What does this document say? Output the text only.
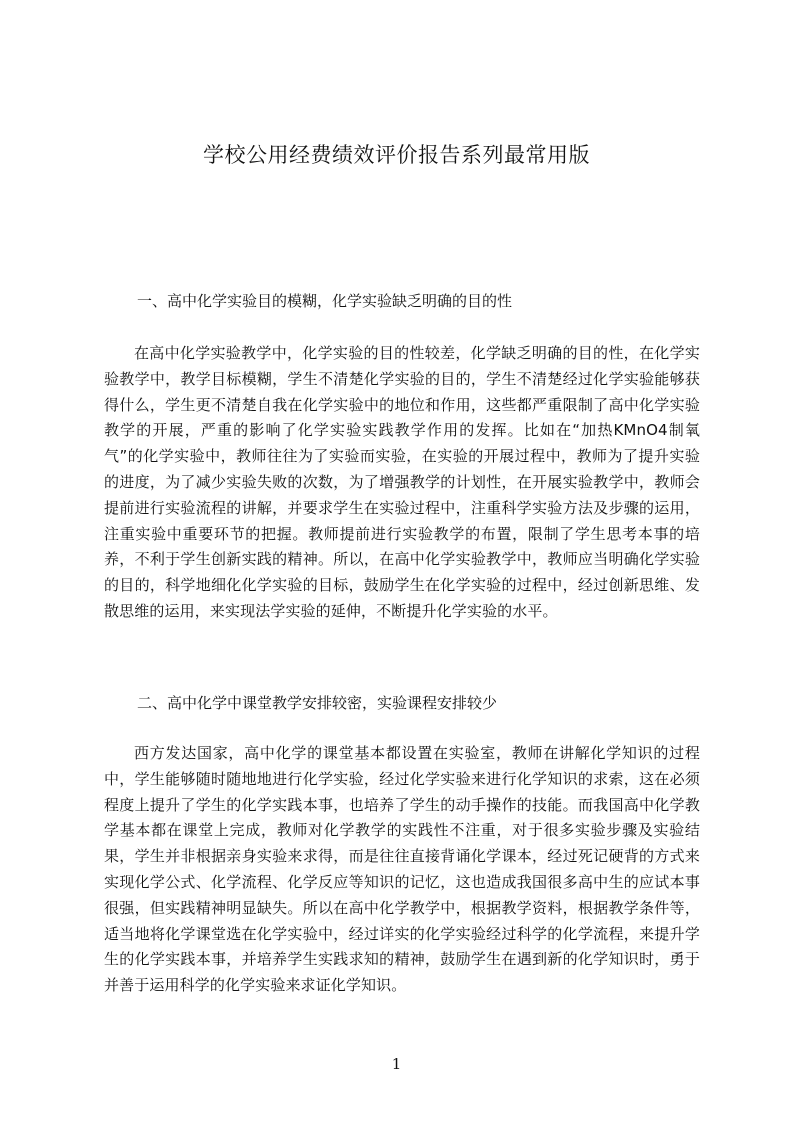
学校公用经费绩效评价报告系列最常用版
一、高中化学实验目的模糊，化学实验缺乏明确的目的性

在高中化学实验教学中，化学实验的目的性较差，化学缺乏明确的目的性，在化学实验教学中，教学目标模糊，学生不清楚化学实验的目的，学生不清楚经过化学实验能够获得什么，学生更不清楚自我在化学实验中的地位和作用，这些都严重限制了高中化学实验教学的开展，严重的影响了化学实验实践教学作用的发挥。比如在“加热KMnO4制氧气”的化学实验中，教师往往为了实验而实验，在实验的开展过程中，教师为了提升实验的进度，为了减少实验失败的次数，为了增强教学的计划性，在开展实验教学中，教师会提前进行实验流程的讲解，并要求学生在实验过程中，注重科学实验方法及步骤的运用，注重实验中重要环节的把握。教师提前进行实验教学的布置，限制了学生思考本事的培养，不利于学生创新实践的精神。所以，在高中化学实验教学中，教师应当明确化学实验的目的，科学地细化化学实验的目标，鼓励学生在化学实验的过程中，经过创新思维、发散思维的运用，来实现法学实验的延伸，不断提升化学实验的水平。

二、高中化学中课堂教学安排较密，实验课程安排较少

西方发达国家，高中化学的课堂基本都设置在实验室，教师在讲解化学知识的过程中，学生能够随时随地地进行化学实验，经过化学实验来进行化学知识的求索，这在必须程度上提升了学生的化学实践本事，也培养了学生的动手操作的技能。而我国高中化学教学基本都在课堂上完成，教师对化学教学的实践性不注重，对于很多实验步骤及实验结果，学生并非根据亲身实验来求得，而是往往直接背诵化学课本，经过死记硬背的方式来实现化学公式、化学流程、化学反应等知识的记忆，这也造成我国很多高中生的应试本事很强，但实践精神明显缺失。所以在高中化学教学中，根据教学资料，根据教学条件等，适当地将化学课堂选在化学实验中，经过详实的化学实验经过科学的化学流程，来提升学生的化学实践本事，并培养学生实践求知的精神，鼓励学生在遇到新的化学知识时，勇于并善于运用科学的化学实验来求证化学知识。

1
